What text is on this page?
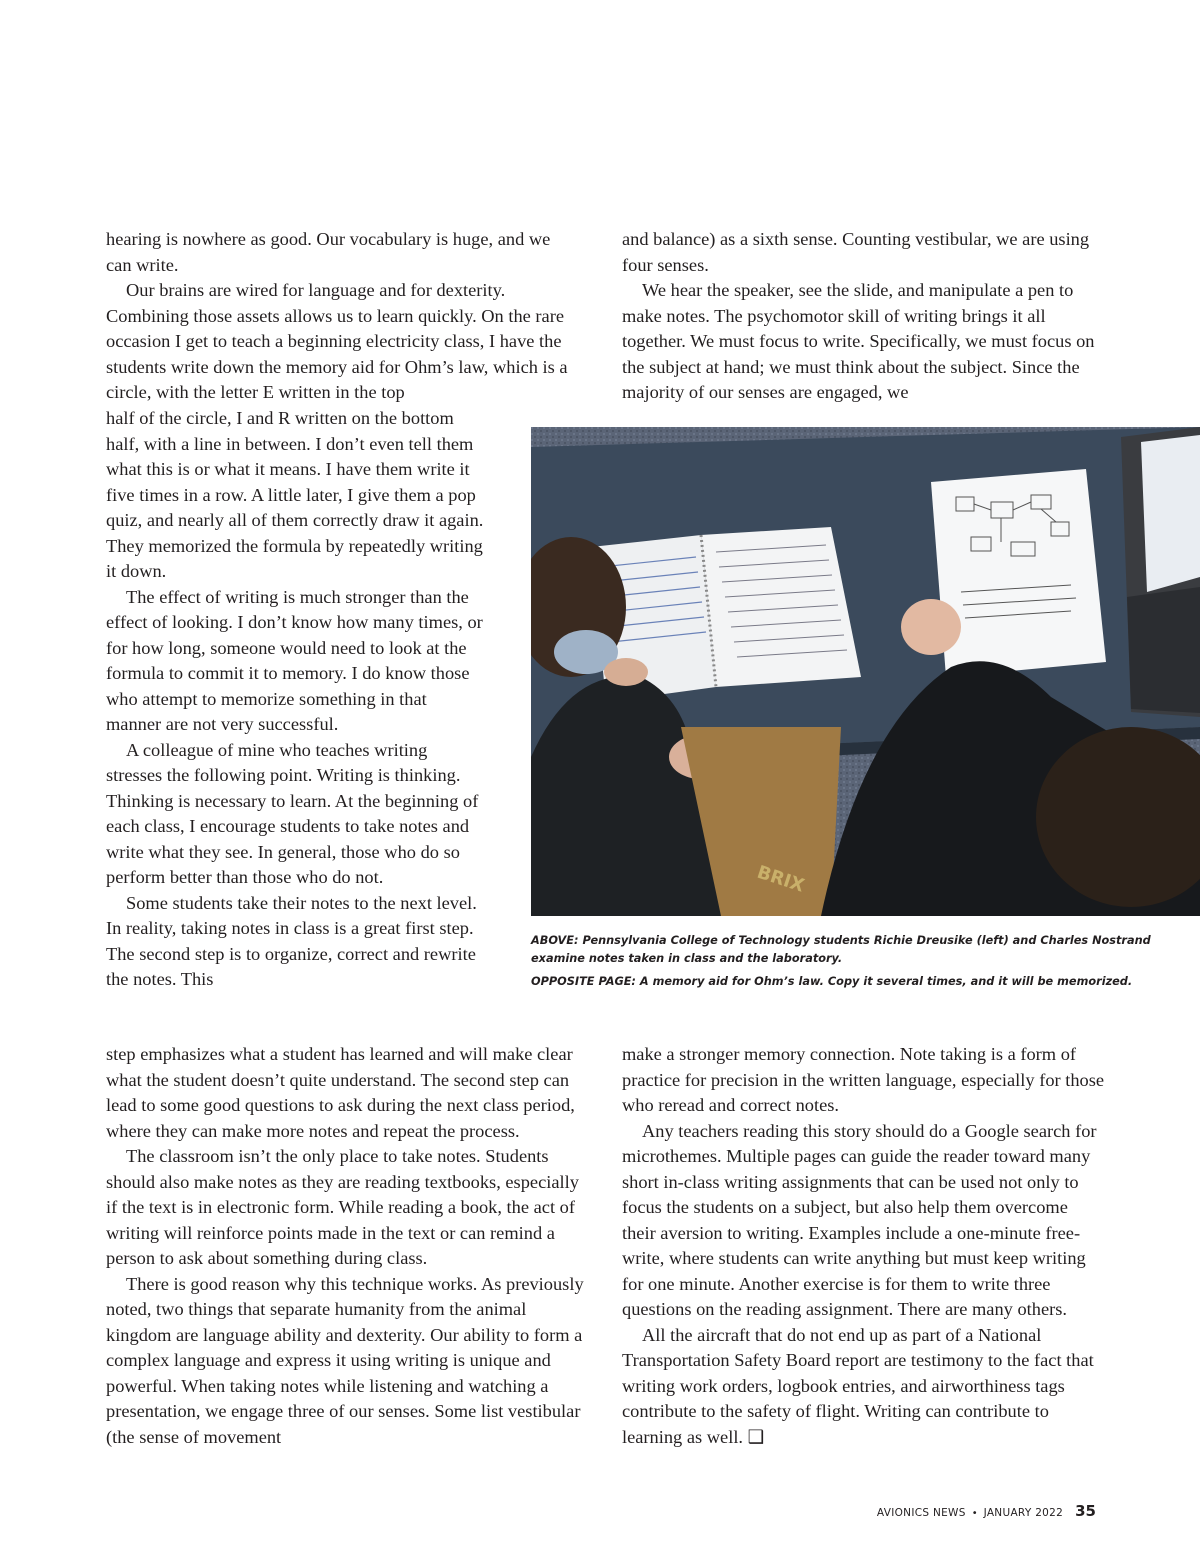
hearing is nowhere as good. Our vocabulary is huge, and we can write.

Our brains are wired for language and for dexterity. Combining those assets allows us to learn quickly. On the rare occasion I get to teach a beginning electricity class, I have the students write down the memory aid for Ohm’s law, which is a circle, with the letter E written in the top

half of the circle, I and R written on the bottom half, with a line in between. I don’t even tell them what this is or what it means. I have them write it five times in a row. A little later, I give them a pop quiz, and nearly all of them correctly draw it again. They memorized the formula by repeatedly writing it down.

The effect of writing is much stronger than the effect of looking. I don’t know how many times, or for how long, someone would need to look at the formula to commit it to memory. I do know those who attempt to memorize something in that manner are not very successful.

A colleague of mine who teaches writing stresses the following point. Writing is thinking. Thinking is necessary to learn. At the beginning of each class, I encourage students to take notes and write what they see. In general, those who do so perform better than those who do not.

Some students take their notes to the next level. In reality, taking notes in class is a great first step. The second step is to organize, correct and rewrite the notes. This

step emphasizes what a student has learned and will make clear what the student doesn’t quite understand. The second step can lead to some good questions to ask during the next class period, where they can make more notes and repeat the process.

The classroom isn’t the only place to take notes. Students should also make notes as they are reading textbooks, especially if the text is in electronic form. While reading a book, the act of writing will reinforce points made in the text or can remind a person to ask about something during class.

There is good reason why this technique works. As previously noted, two things that separate humanity from the animal kingdom are language ability and dexterity. Our ability to form a complex language and express it using writing is unique and powerful. When taking notes while listening and watching a presentation, we engage three of our senses. Some list vestibular (the sense of movement

and balance) as a sixth sense. Counting vestibular, we are using four senses.

We hear the speaker, see the slide, and manipulate a pen to make notes. The psychomotor skill of writing brings it all together. We must focus to write. Specifically, we must focus on the subject at hand; we must think about the subject. Since the majority of our senses are engaged, we

BRIX

ABOVE: Pennsylvania College of Technology students Richie Dreusike (left) and Charles Nostrand examine notes taken in class and the laboratory.

OPPOSITE PAGE: A memory aid for Ohm’s law. Copy it several times, and it will be memorized.

make a stronger memory connection. Note taking is a form of practice for precision in the written language, especially for those who reread and correct notes.

Any teachers reading this story should do a Google search for microthemes. Multiple pages can guide the reader toward many short in-class writing assignments that can be used not only to focus the students on a subject, but also help them overcome their aversion to writing. Examples include a one-minute free-write, where students can write anything but must keep writing for one minute. Another exercise is for them to write three questions on the reading assignment. There are many others.

All the aircraft that do not end up as part of a National Transportation Safety Board report are testimony to the fact that writing work orders, logbook entries, and airworthiness tags contribute to the safety of flight. Writing can contribute to learning as well. ❑

AVIONICS NEWS • JANUARY 2022 35
